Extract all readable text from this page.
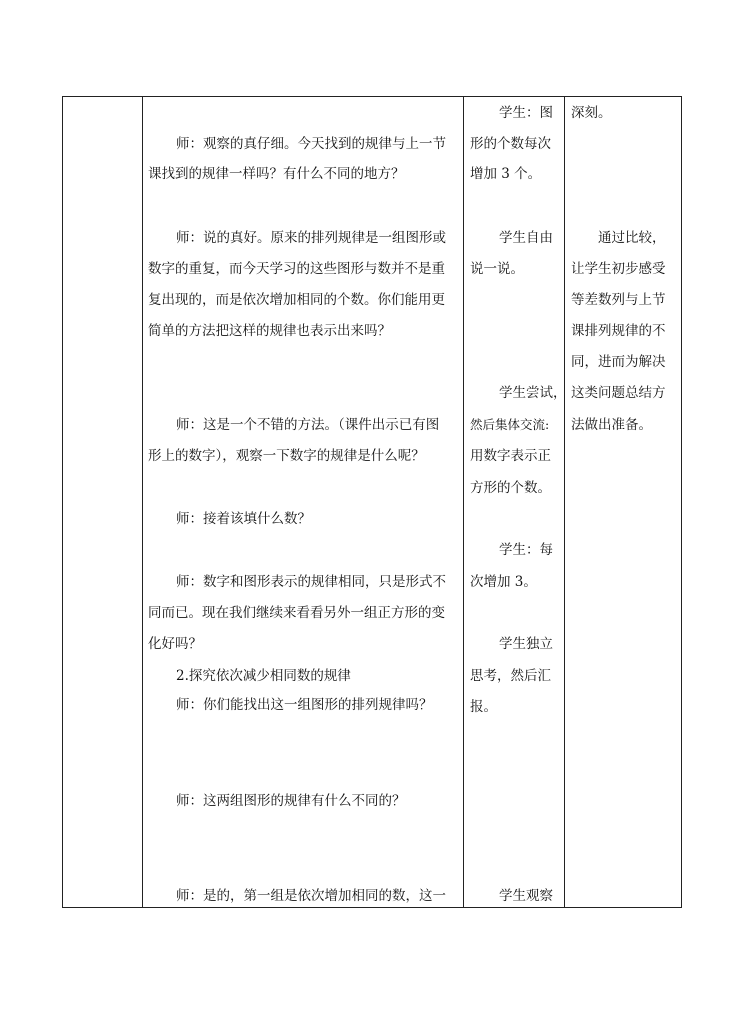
师：观察的真仔细。今天找到的规律与上一节
课找到的规律一样吗？有什么不同的地方？
师：说的真好。原来的排列规律是一组图形或
数字的重复，而今天学习的这些图形与数并不是重
复出现的，而是依次增加相同的个数。你们能用更
简单的方法把这样的规律也表示出来吗？
师：这是一个不错的方法。（课件出示已有图
形上的数字），观察一下数字的规律是什么呢？
师：接着该填什么数？
师：数字和图形表示的规律相同，只是形式不
同而已。现在我们继续来看看另外一组正方形的变
化好吗？
2.探究依次减少相同数的规律
师：你们能找出这一组图形的排列规律吗？
师：这两组图形的规律有什么不同的？
师：是的，第一组是依次增加相同的数，这一
学生：图
形的个数每次
增加 3 个。
学生自由
说一说。
学生尝试，
然后集体交流:
用数字表示正
方形的个数。
学生：每
次增加 3。
学生独立
思考，然后汇
报。
学生观察
深刻。
通过比较，
让学生初步感受
等差数列与上节
课排列规律的不
同，进而为解决
这类问题总结方
法做出准备。
